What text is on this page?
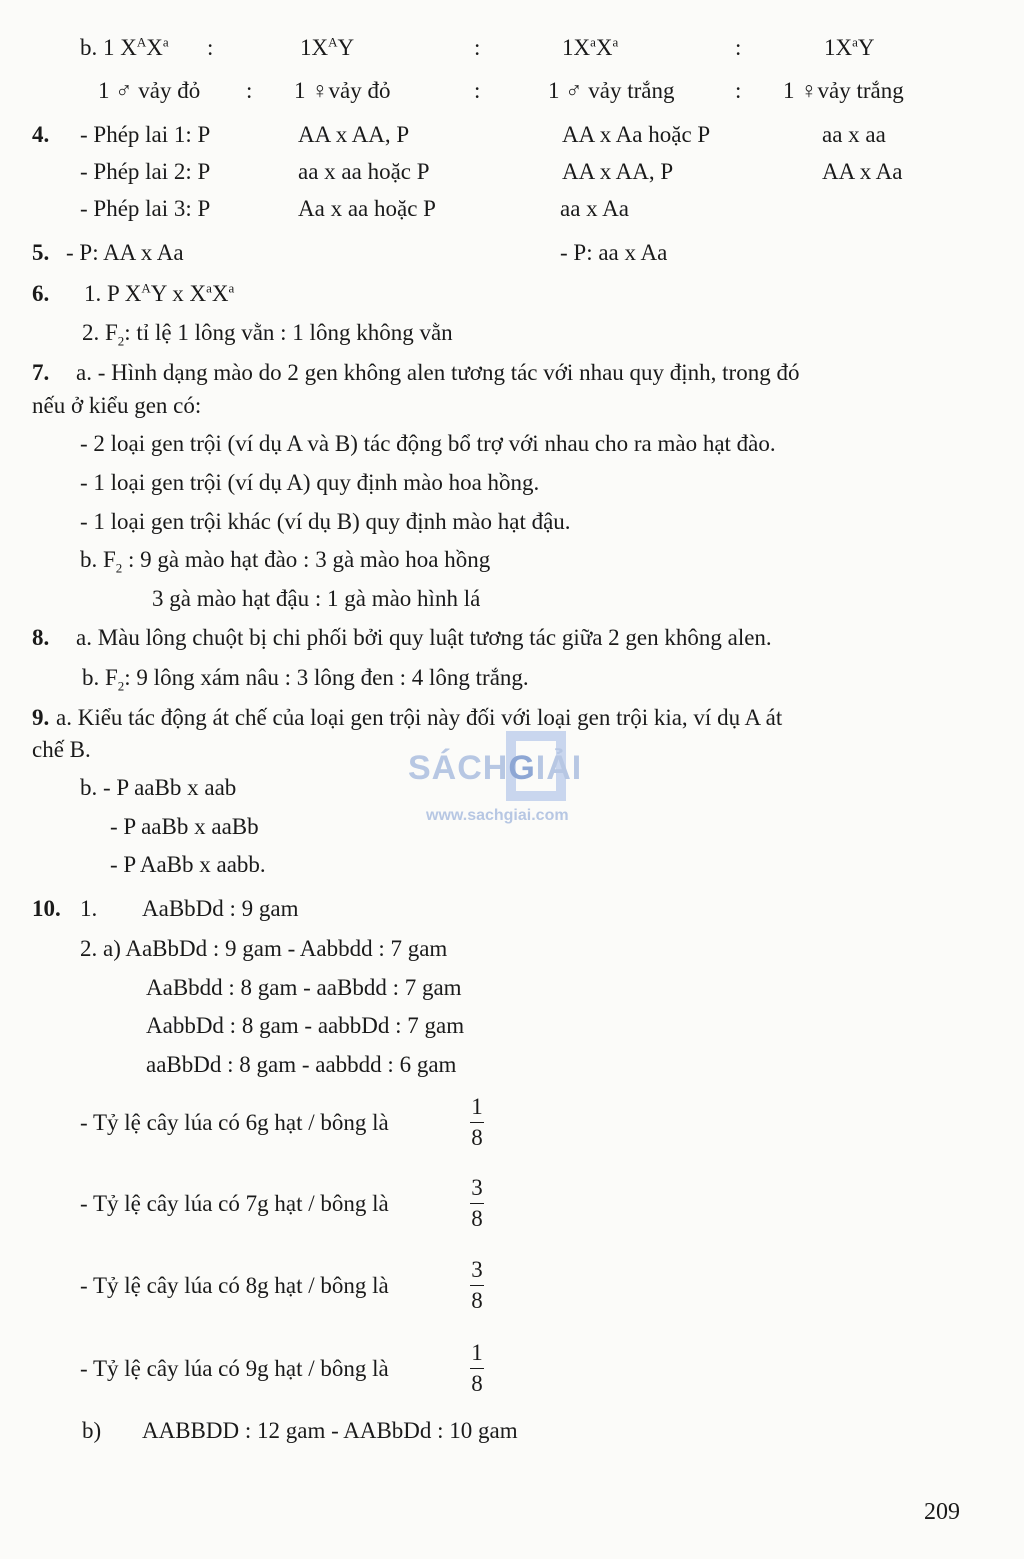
b. 1 $X^AX^a$ :	$1X^AY$	:	$1X^aX^a$	:	$1X^aY$
1 ♂ vảy đỏ : 1 ♀vảy đỏ	:	1 ♂ vảy trắng	: 1 ♀vảy trắng
4. - Phép lai 1: P	AA x AA, P	AA x Aa hoặc P	aa x aa
- Phép lai 2: P	aa x aa hoặc P	AA x AA, P	AA x Aa
- Phép lai 3: P	Aa x aa hoặc P	aa x Aa
5. - P: AA x Aa	- P: aa x Aa
6. 1. P $X^AY$ x $X^aX^a$
2. $F_2$: tỉ lệ 1 lông vằn : 1 lông không vằn
7. a. - Hình dạng mào do 2 gen không alen tương tác với nhau quy định, trong đó
nếu ở kiểu gen có:
- 2 loại gen trội (ví dụ A và B) tác động bổ trợ với nhau cho ra mào hạt đào.
- 1 loại gen trội (ví dụ A) quy định mào hoa hồng.
- 1 loại gen trội khác (ví dụ B) quy định mào hạt đậu.
b. $F_2$ : 9 gà mào hạt đào : 3 gà mào hoa hồng
3 gà mào hạt đậu : 1 gà mào hình lá
8. a. Màu lông chuột bị chi phối bởi quy luật tương tác giữa 2 gen không alen.
b. $F_2$: 9 lông xám nâu : 3 lông đen : 4 lông trắng.
9. a. Kiểu tác động át chế của loại gen trội này đối với loại gen trội kia, ví dụ A át
chế B.
b. - P aaBb x aab
- P aaBb x aaBb
- P AaBb x aabb.
SÁCHGIẢI
www.sachgiai.com
10. 1. AaBbDd : 9 gam
2. a) AaBbDd : 9 gam - Aabbdd : 7 gam
AaBbdd : 8 gam - aaBbdd : 7 gam
AabbDd : 8 gam - aabbDd : 7 gam
aaBbDd : 8 gam - aabbdd : 6 gam
- Tỷ lệ cây lúa có 6g hạt / bông là
1
8
- Tỷ lệ cây lúa có 7g hạt / bông là
3
8
- Tỷ lệ cây lúa có 8g hạt / bông là
3
8
- Tỷ lệ cây lúa có 9g hạt / bông là
1
8
b) AABBDD : 12 gam - AABbDd : 10 gam
209
